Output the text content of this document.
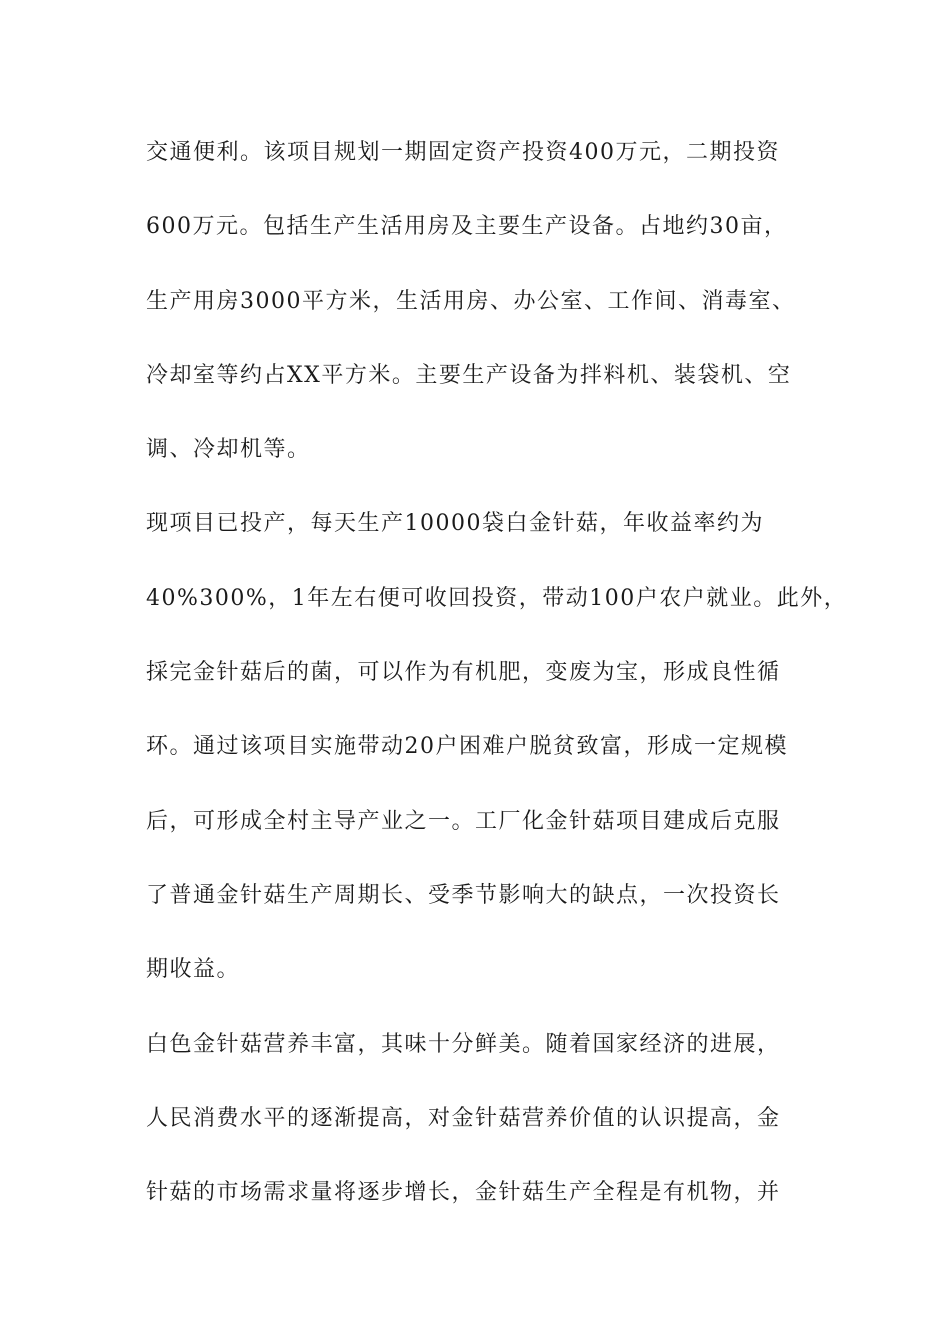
交通便利。该项目规划一期固定资产投资400万元，二期投资
600万元。包括生产生活用房及主要生产设备。占地约30亩，
生产用房3000平方米，生活用房、办公室、工作间、消毒室、
冷却室等约占XX平方米。主要生产设备为拌料机、装袋机、空
调、冷却机等。
现项目已投产，每天生产10000袋白金针菇，年收益率约为
40%300%，1年左右便可收回投资，带动100户农户就业。此外，
採完金针菇后的菌，可以作为有机肥，变废为宝，形成良性循
环。通过该项目实施带动20户困难户脱贫致富，形成一定规模
后，可形成全村主导产业之一。工厂化金针菇项目建成后克服
了普通金针菇生产周期长、受季节影响大的缺点，一次投资长
期收益。
白色金针菇营养丰富，其味十分鲜美。随着国家经济的进展，
人民消费水平的逐渐提高，对金针菇营养价值的认识提高，金
针菇的市场需求量将逐步增长，金针菇生产全程是有机物，并
